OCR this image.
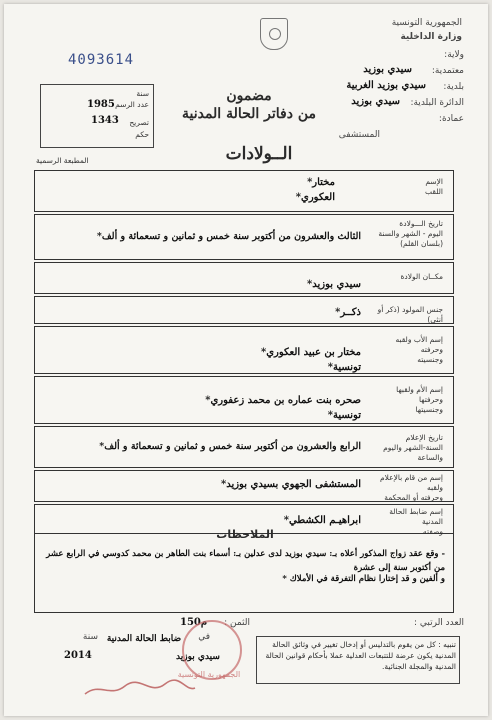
الجمهورية التونسية
وزارة الداخلية
ولاية:
معتمدية:
سيدي بوزيد
بلدية:
سيدي بوزيد الغربية
الدائرة البلدية:
سيدي بوزيد
عمادة:
المستشفى
4093614
سنة
عدد الرسم
1985
1343	تصريح
حكم
مضمون
من دفاتر الحالة المدنية
الــولادات
المطبعة الرسمية
الإسم
اللقب
مختار*
العكوري*
تاريخ الـــولادة
اليوم - الشهر والسنة
(بلسان القلم)
الثالث والعشرون من أكتوبر سنة خمس و ثمانين و تسعمائة و ألف*
مكــان الولادة
سيدي بوزيد*
جنس المولود (ذكر أو أنثى)
ذكــر*
إسم الأب ولقبه وحرفته
وجنسيته
مختار بن عبيد العكوري*
تونسية*
إسم الأم ولقبها وحرفتها
وجنسيتها
صحره بنت عماره بن محمد زعفوري*
تونسية*
تاريخ الإعلام
السنة-الشهر واليوم والساعة
الرابع والعشرون من أكتوبر سنة خمس و ثمانين و تسعمائة و ألف*
إسم من قام بالإعلام ولقبه
وحرفته أو المحكمة
المستشفى الجهوي بسيدي بوزيد*
إسم ضابط الحالة المدنية
وصفته
ابراهيـم الكشطي*
الملاحظات
- وقع عقد زواج المذكور أعلاه بـ: سيدي بوزيد لدى عدلين بـ: أسماء بنت الطاهر بن محمد كدوسي في الرابع عشر من أكتوبر سنة إلى عشرة
و ألفين و قد إختارا نظام التفرقة في الأملاك *
العدد الرتبي :
الثمن :
150م
في
سنة
سيدي بوزيد
2014
ضابط الحالة المدنية
الجمهورية التونسية
تنبيه : كل من يقوم بالتدليس أو إدخال تغيير في وثائق الحالة المدنية يكون عرضة للتتبعات العدلية عملا بأحكام قوانين الحالة المدنية والمجلة الجنائية.
